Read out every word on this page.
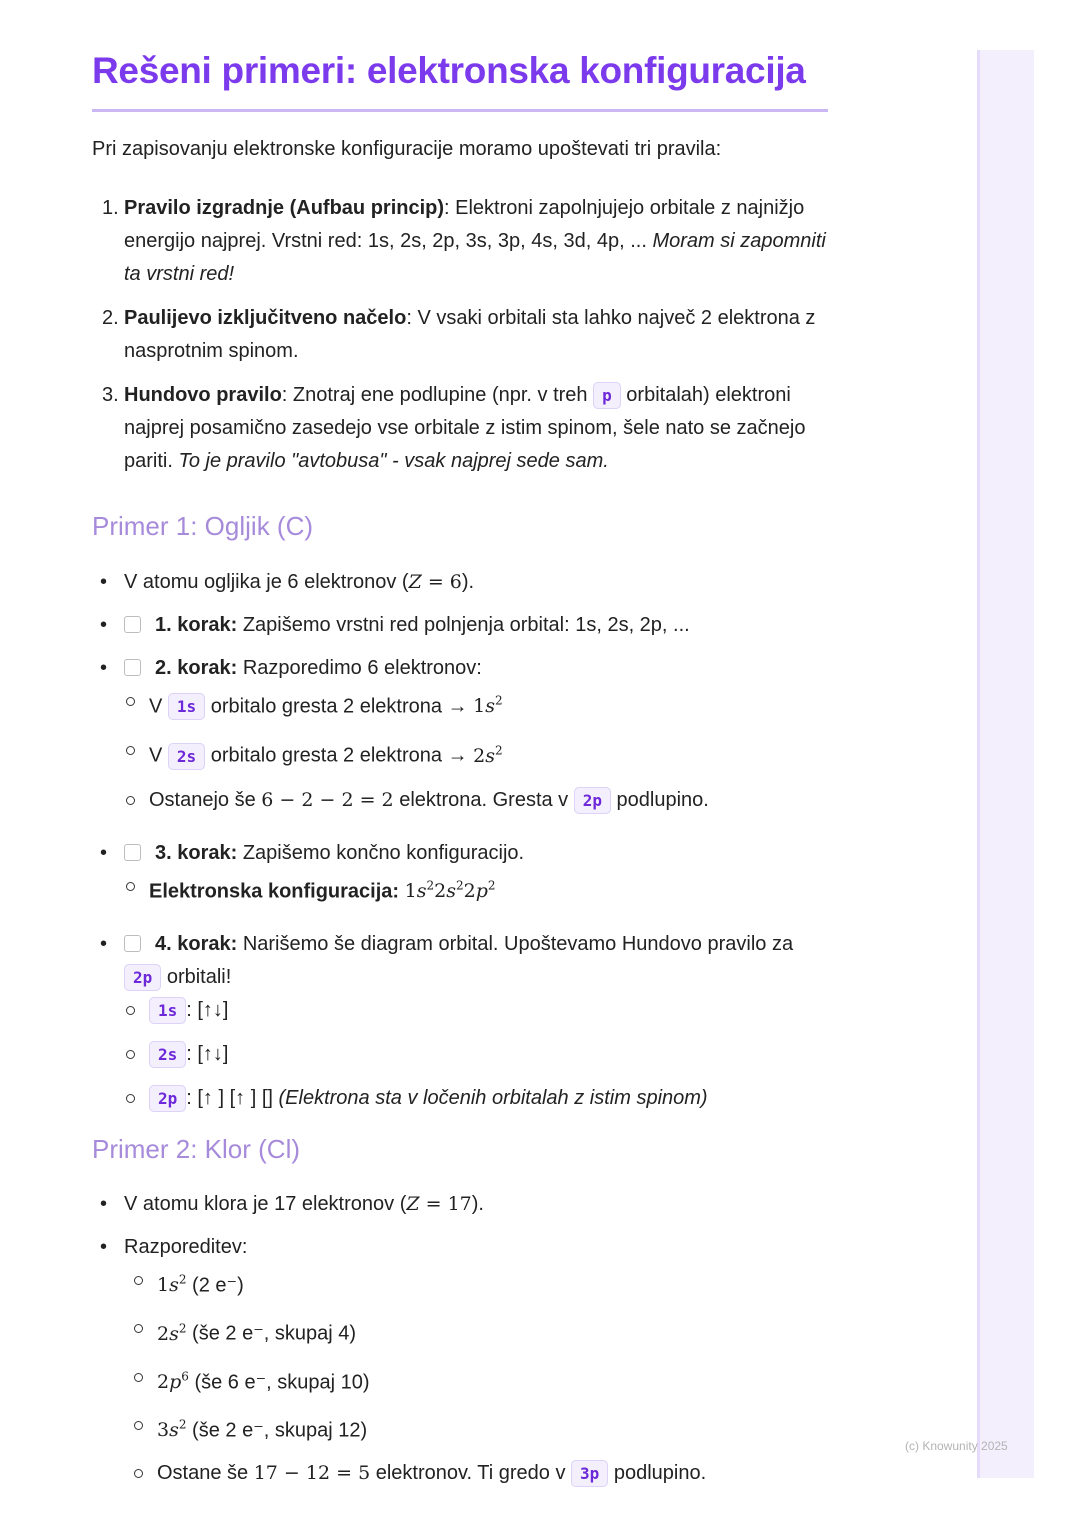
Rešeni primeri: elektronska konfiguracija
Pri zapisovanju elektronske konfiguracije moramo upoštevati tri pravila:
1. Pravilo izgradnje (Aufbau princip): Elektroni zapolnjujejo orbitale z najnižjo energijo najprej. Vrstni red: 1s, 2s, 2p, 3s, 3p, 4s, 3d, 4p, ... Moram si zapomniti ta vrstni red!
2. Paulijevo izključitveno načelo: V vsaki orbitali sta lahko največ 2 elektrona z nasprotnim spinom.
3. Hundovo pravilo: Znotraj ene podlupine (npr. v treh p orbitalah) elektroni najprej posamično zasedejo vse orbitale z istim spinom, šele nato se začnejo pariti. To je pravilo "avtobusa" - vsak najprej sede sam.
Primer 1: Ogljik (C)
• V atomu ogljika je 6 elektronov (Z = 6).
• 1. korak: Zapišemo vrstni red polnjenja orbital: 1s, 2s, 2p, ...
• 2. korak: Razporedimo 6 elektronov:
V 1s orbitalo gresta 2 elektrona → $1s^2$
V 2s orbitalo gresta 2 elektrona → $2s^2$
Ostanejo še 6 − 2 − 2 = 2 elektrona. Gresta v 2p podlupino.
• 3. korak: Zapišemo končno konfiguracijo.
Elektronska konfiguracija: $1s^22s^22p^2$
• 4. korak: Narišemo še diagram orbital. Upoštevamo Hundovo pravilo za
2p orbitali!
1s : [↑↓]
2s : [↑↓]
2p : [↑ ] [↑ ] [] (Elektrona sta v ločenih orbitalah z istim spinom)
Primer 2: Klor (Cl)
• V atomu klora je 17 elektronov (Z = 17).
• Razporeditev:
$1s^2$ (2 e⁻)
$2s^2$ (še 2 e⁻, skupaj 4)
$2p^6$ (še 6 e⁻, skupaj 10)
$3s^2$ (še 2 e⁻, skupaj 12)
Ostane še 17 − 12 = 5 elektronov. Ti gredo v 3p podlupino.
(c) Knowunity 2025
